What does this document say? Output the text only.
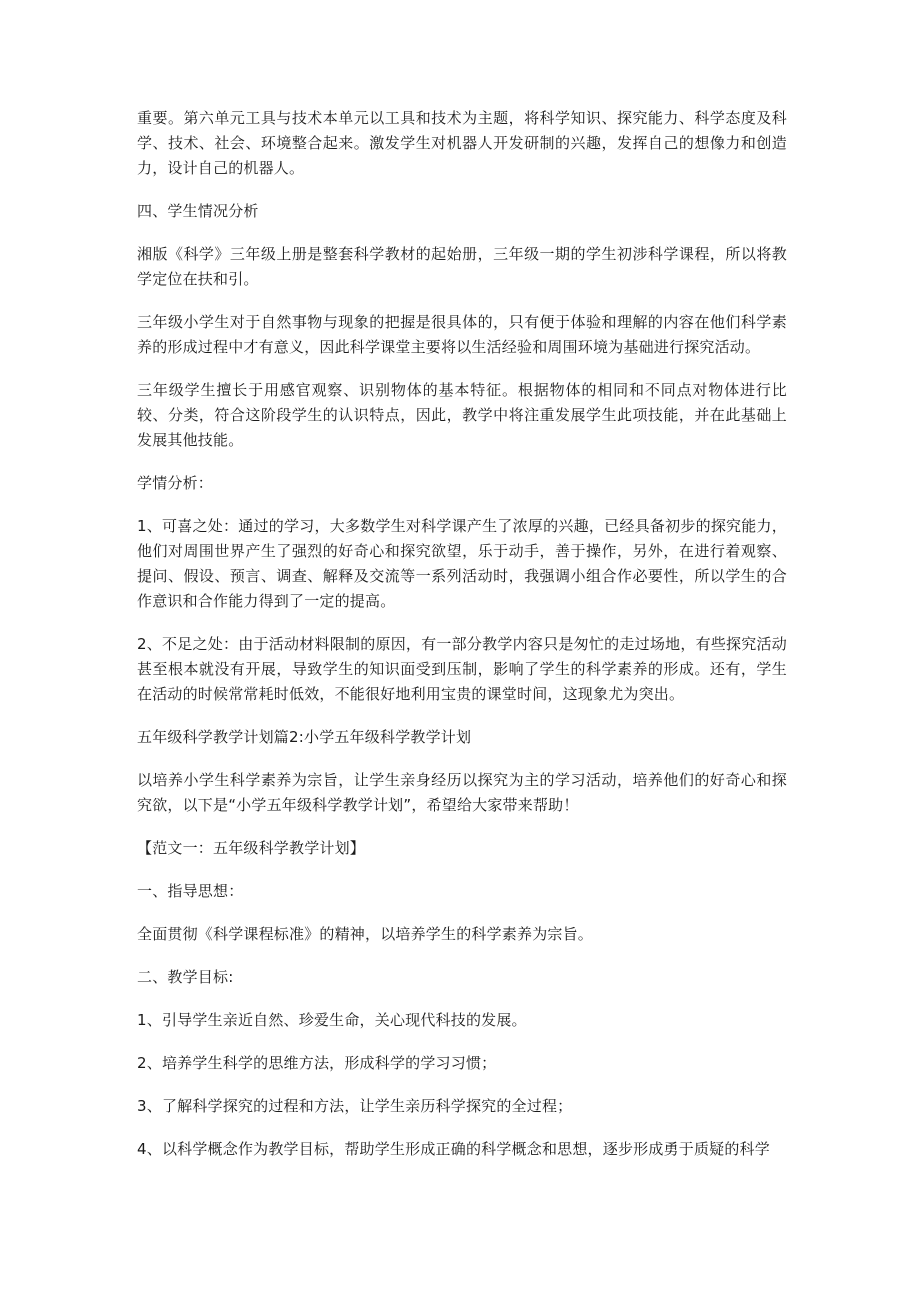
重要。第六单元工具与技术本单元以工具和技术为主题，将科学知识、探究能力、科学态度及科学、技术、社会、环境整合起来。激发学生对机器人开发研制的兴趣，发挥自己的想像力和创造力，设计自己的机器人。

四、学生情况分析

湘版《科学》三年级上册是整套科学教材的起始册，三年级一期的学生初涉科学课程，所以将教学定位在扶和引。

三年级小学生对于自然事物与现象的把握是很具体的，只有便于体验和理解的内容在他们科学素养的形成过程中才有意义，因此科学课堂主要将以生活经验和周围环境为基础进行探究活动。

三年级学生擅长于用感官观察、识别物体的基本特征。根据物体的相同和不同点对物体进行比较、分类，符合这阶段学生的认识特点，因此，教学中将注重发展学生此项技能，并在此基础上发展其他技能。

学情分析：

1、可喜之处：通过的学习，大多数学生对科学课产生了浓厚的兴趣，已经具备初步的探究能力，他们对周围世界产生了强烈的好奇心和探究欲望，乐于动手，善于操作，另外，在进行着观察、提问、假设、预言、调查、解释及交流等一系列活动时，我强调小组合作必要性，所以学生的合作意识和合作能力得到了一定的提高。

2、不足之处：由于活动材料限制的原因，有一部分教学内容只是匆忙的走过场地，有些探究活动甚至根本就没有开展，导致学生的知识面受到压制，影响了学生的科学素养的形成。还有，学生在活动的时候常常耗时低效，不能很好地利用宝贵的课堂时间，这现象尤为突出。

五年级科学教学计划篇2:小学五年级科学教学计划

以培养小学生科学素养为宗旨，让学生亲身经历以探究为主的学习活动，培养他们的好奇心和探究欲，以下是“小学五年级科学教学计划”，希望给大家带来帮助！

【范文一：五年级科学教学计划】

一、指导思想：

全面贯彻《科学课程标准》的精神，以培养学生的科学素养为宗旨。

二、教学目标:

1、引导学生亲近自然、珍爱生命，关心现代科技的发展。

2、培养学生科学的思维方法，形成科学的学习习惯；

3、了解科学探究的过程和方法，让学生亲历科学探究的全过程；

4、以科学概念作为教学目标，帮助学生形成正确的科学概念和思想，逐步形成勇于质疑的科学
